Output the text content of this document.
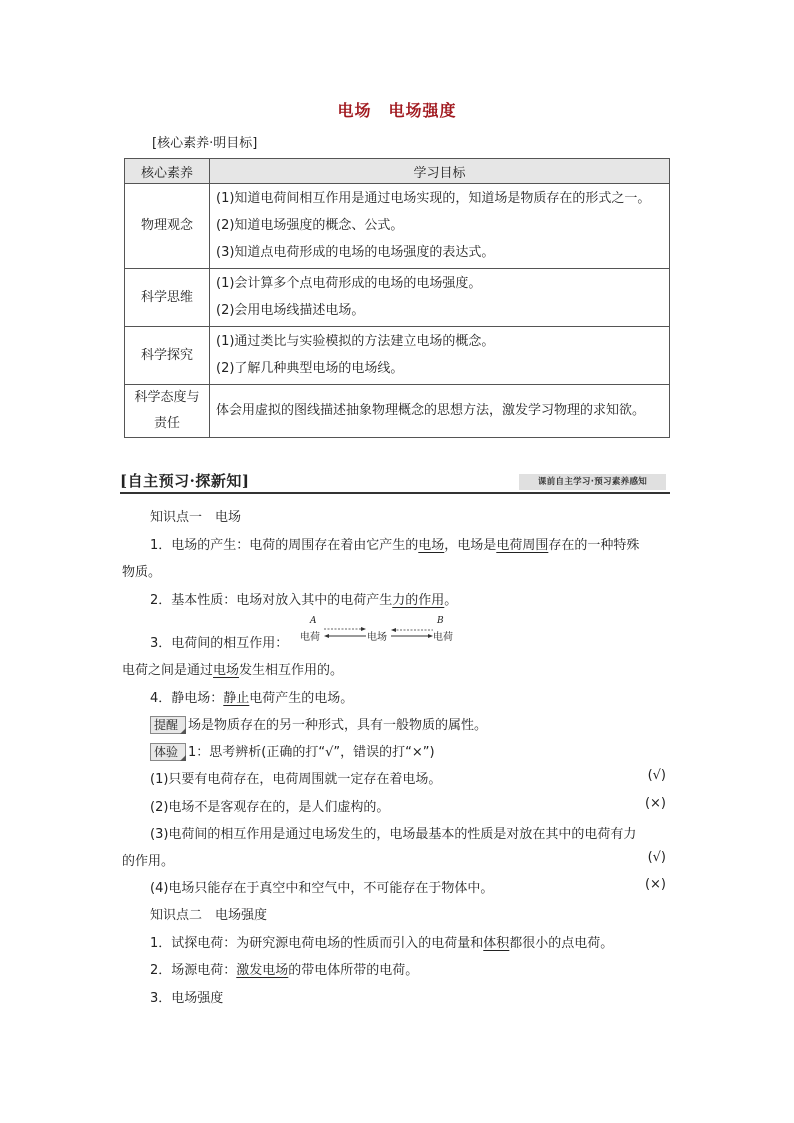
电场　电场强度
[核心素养·明目标]
核心素养	学习目标
物理观念	(1)知道电荷间相互作用是通过电场实现的，知道场是物质存在的形式之一。
(2)知道电场强度的概念、公式。
(3)知道点电荷形成的电场的电场强度的表达式。

科学思维	(1)会计算多个点电荷形成的电场的电场强度。
(2)会用电场线描述电场。

科学探究	(1)通过类比与实验模拟的方法建立电场的概念。
(2)了解几种典型电场的电场线。

科学态度与责任	体会用虚拟的图线描述抽象物理概念的思想方法，激发学习物理的求知欲。
[自主预习·探新知]	课前自主学习·预习素养感知
知识点一　电场
1．电场的产生：电荷的周围存在着由它产生的电场，电场是电荷周围存在的一种特殊
物质。
2．基本性质：电场对放入其中的电荷产生力的作用。
3．电荷间的相互作用：
A	B
电荷	电场	电荷
电荷之间是通过电场发生相互作用的。
4．静电场：静止电荷产生的电场。
提醒 场是物质存在的另一种形式，具有一般物质的属性。
体验 1：思考辨析(正确的打“√”，错误的打“×”)
(1)只要有电荷存在，电荷周围就一定存在着电场。	(√)
(2)电场不是客观存在的，是人们虚构的。	(×)
(3)电荷间的相互作用是通过电场发生的，电场最基本的性质是对放在其中的电荷有力
的作用。	(√)
(4)电场只能存在于真空中和空气中，不可能存在于物体中。	(×)
知识点二　电场强度
1．试探电荷：为研究源电荷电场的性质而引入的电荷量和体积都很小的点电荷。
2．场源电荷：激发电场的带电体所带的电荷。
3．电场强度
